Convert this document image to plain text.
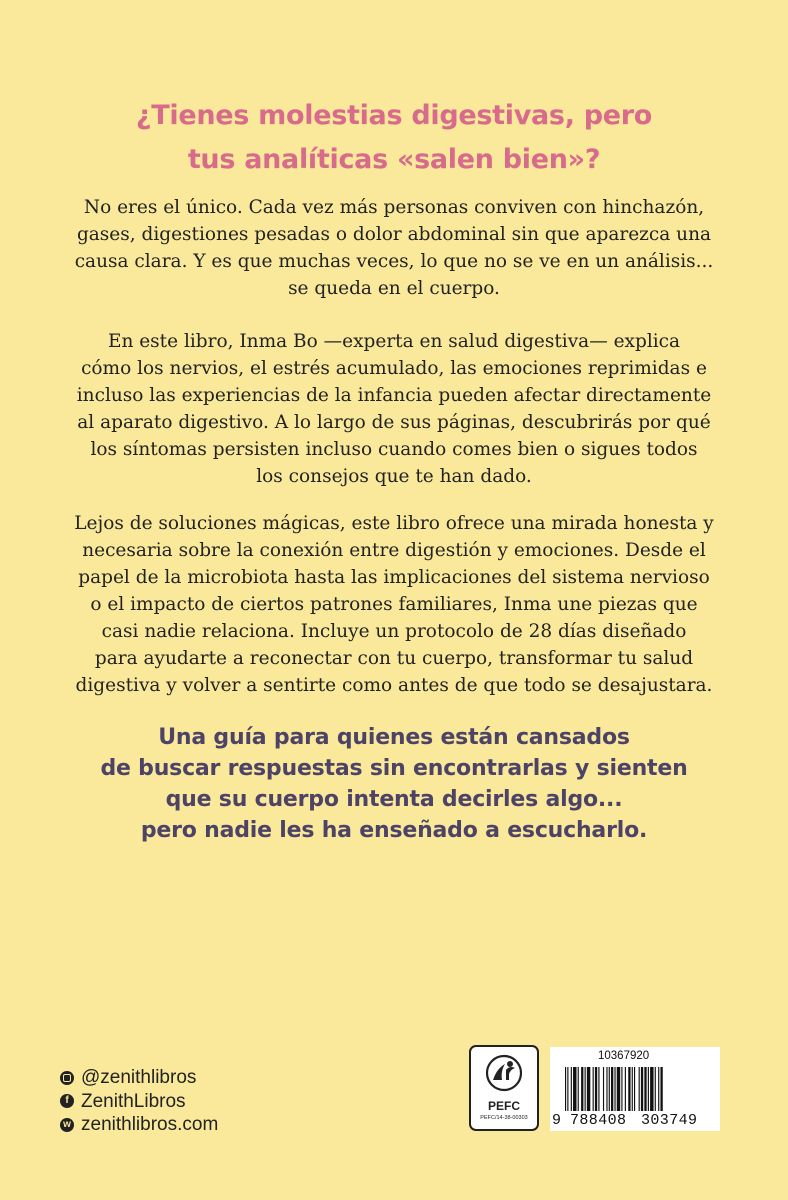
¿Tienes molestias digestivas, pero
tus analíticas «salen bien»?
No eres el único. Cada vez más personas conviven con hinchazón,
gases, digestiones pesadas o dolor abdominal sin que aparezca una
causa clara. Y es que muchas veces, lo que no se ve en un análisis...
se queda en el cuerpo.
En este libro, Inma Bo —experta en salud digestiva— explica
cómo los nervios, el estrés acumulado, las emociones reprimidas e
incluso las experiencias de la infancia pueden afectar directamente
al aparato digestivo. A lo largo de sus páginas, descubrirás por qué
los síntomas persisten incluso cuando comes bien o sigues todos
los consejos que te han dado.
Lejos de soluciones mágicas, este libro ofrece una mirada honesta y
necesaria sobre la conexión entre digestión y emociones. Desde el
papel de la microbiota hasta las implicaciones del sistema nervioso
o el impacto de ciertos patrones familiares, Inma une piezas que
casi nadie relaciona. Incluye un protocolo de 28 días diseñado
para ayudarte a reconectar con tu cuerpo, transformar tu salud
digestiva y volver a sentirte como antes de que todo se desajustara.
Una guía para quienes están cansados
de buscar respuestas sin encontrarlas y sienten
que su cuerpo intenta decirles algo...
pero nadie les ha enseñado a escucharlo.
@zenithlibros
f ZenithLibros
w zenithlibros.com
PEFC
PEFC/14-38-00303
10367920
9 788408 303749
